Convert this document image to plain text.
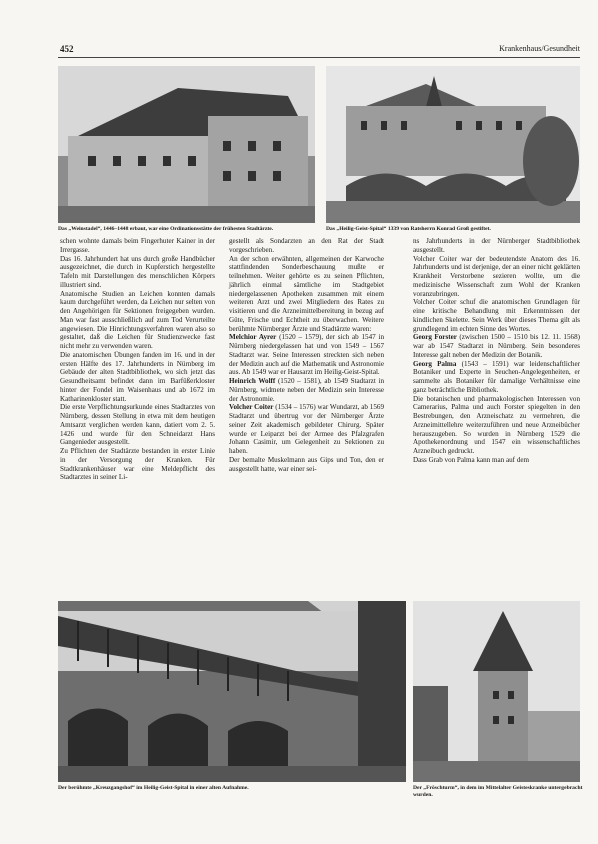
452	Krankenhaus/Gesundheit
Das „Weinstadel“, 1446–1448 erbaut, war eine Ordinationsstätte der frühesten Stadtärzte.	Das „Heilig-Geist-Spital“ 1339 von Ratsherrn Konrad Groß gestiftet.

schen wohnte damals beim Fingerhuter Kainer in der Irrergasse.

Das 16. Jahrhundert hat uns durch große Handbücher ausgezeichnet, die durch in Kupferstich hergestellte Tafeln mit Darstellungen des menschlichen Körpers illustriert sind.

Anatomische Studien an Leichen konnten damals kaum durchgeführt werden, da Leichen nur selten von den Angehörigen für Sektionen freigegeben wurden. Man war fast ausschließlich auf zum Tod Verurteilte angewiesen. Die Hinrichtungsverfahren waren also so gestaltet, daß die Leichen für Studienzwecke fast nicht mehr zu verwenden waren.

Die anatomischen Übungen fanden im 16. und in der ersten Hälfte des 17. Jahrhunderts in Nürnberg im Gebäude der alten Stadtbibliothek, wo sich jetzt das Gesundheitsamt befindet dann im Barfüßerkloster hinter der Fondel im Waisenhaus und ab 1672 im Katharinenkloster statt.

Die erste Verpflichtungsurkunde eines Stadtarztes von Nürnberg, dessen Stellung in etwa mit dem heutigen Amtsarzt verglichen werden kann, datiert vom 2. 5. 1426 und wurde für den Schneidarzt Hans Gangenieder ausgestellt.

Zu Pflichten der Stadtärzte bestanden in erster Linie in der Versorgung der Kranken. Für Stadtkrankenhäuser war eine Meldepflicht des Stadtarztes in seiner Li-

gestellt als Sondarzten an den Rat der Stadt vorgeschrieben.

An der schon erwähnten, allgemeinen der Karwoche stattfindenden Sonderbeschauung mußte er teilnehmen. Weiter gehörte es zu seinen Pflichten, jährlich einmal sämtliche im Stadtgebiet niedergelassenen Apotheken zusammen mit einem weiteren Arzt und zwei Mitgliedern des Rates zu visitieren und die Arzneimittelbereitung in bezug auf Güte, Frische und Echtheit zu überwachen. Weitere berühmte Nürnberger Ärzte und Stadtärzte waren:

Melchior Ayrer (1520 – 1579), der sich ab 1547 in Nürnberg niedergelassen hat und von 1549 – 1567 Stadtarzt war. Seine Interessen streckten sich neben der Medizin auch auf die Mathematik und Astronomie aus. Ab 1549 war er Hausarzt im Heilig-Geist-Spital.

Heinrich Wolff (1520 – 1581), ab 1549 Stadtarzt in Nürnberg, widmete neben der Medizin sein Interesse der Astronomie.

Volcher Coiter (1534 – 1576) war Wundarzt, ab 1569 Stadtarzt und übertrug vor der Nürnberger Ärzte seiner Zeit akademisch gebildeter Chirurg. Später wurde er Leiparzt bei der Armee des Pfalzgrafen Johann Casimir, um Gelegenheit zu Sektionen zu haben.

Der bemalte Muskelmann aus Gips und Ton, den er ausgestellt hatte, war einer sei-

ns Jahrhunderts in der Nürnberger Stadtbibliothek ausgestellt.

Volcher Coiter war der bedeutendste Anatom des 16. Jahrhunderts und ist derjenige, der an einer nicht geklärten Krankheit Verstorbene sezieren wollte, um die medizinische Wissenschaft zum Wohl der Kranken voranzubringen.

Volcher Coiter schuf die anatomischen Grundlagen für eine kritische Behandlung mit Erkenntnissen der kindlichen Skelette. Sein Werk über dieses Thema gilt als grundlegend im echten Sinne des Wortes.

Georg Forster (zwischen 1500 – 1510 bis 12. 11. 1568) war ab 1547 Stadtarzt in Nürnberg. Sein besonderes Interesse galt neben der Medizin der Botanik.

Georg Palma (1543 – 1591) war leidenschaftlicher Botaniker und Experte in Seuchen-Angelegenheiten, er sammelte als Botaniker für damalige Verhältnisse eine ganz beträchtliche Bibliothek.

Die botanischen und pharmakologischen Interessen von Camerarius, Palma und auch Forster spiegelten in den Bestrebungen, den Arzneischatz zu vermehren, die Arzneimittellehre weiterzuführen und neue Arzneibücher herauszugeben. So wurden in Nürnberg 1529 die Apothekenordnung und 1547 ein wissenschaftliches Arzneibuch gedruckt.

Dass Grab von Palma kann man auf dem

Der berühmte „Kreuzgangshof“ im Heilig-Geist-Spital in einer alten Aufnahme.	Der „Fröschturm“, in dem im Mittelalter Geisteskranke untergebracht wurden.
